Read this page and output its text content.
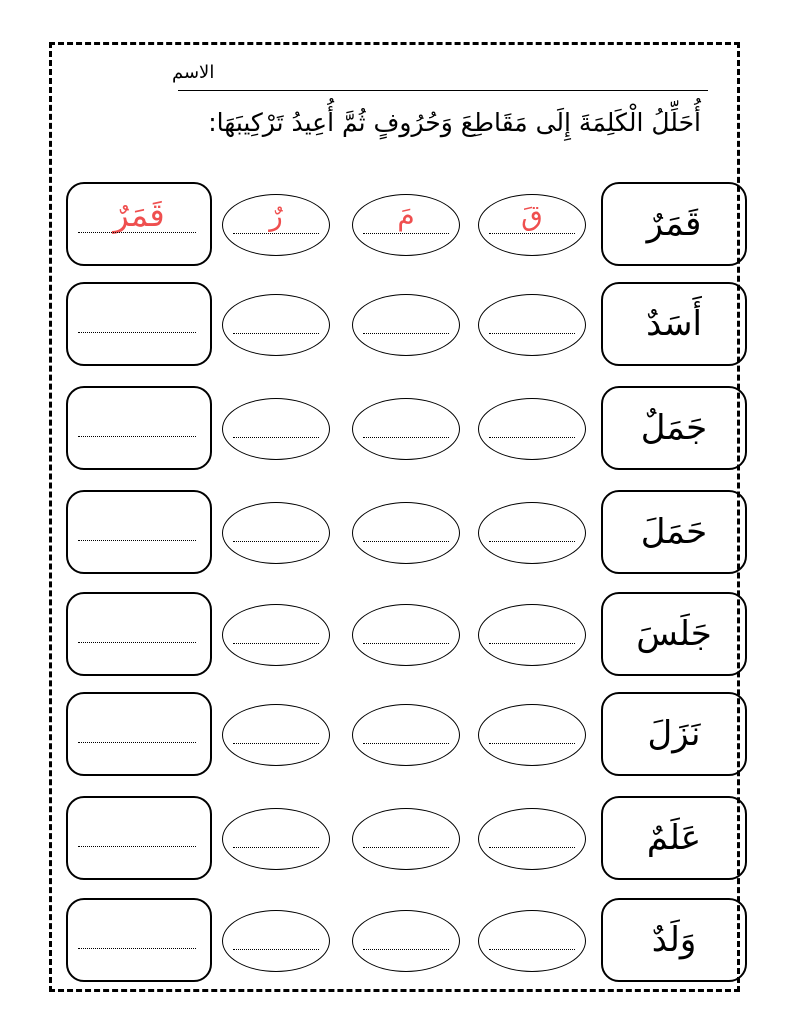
الاسم
أُحَلِّلُ الْكَلِمَةَ إِلَى مَقَاطِعَ وَحُرُوفٍ ثُمَّ أُعِيدُ تَرْكِيبَهَا:
قَمَرٌ
قَ
مَ
رٌ
قَمَرٌ
أَسَدٌ
جَمَلٌ
حَمَلَ
جَلَسَ
نَزَلَ
عَلَمٌ
وَلَدٌ
